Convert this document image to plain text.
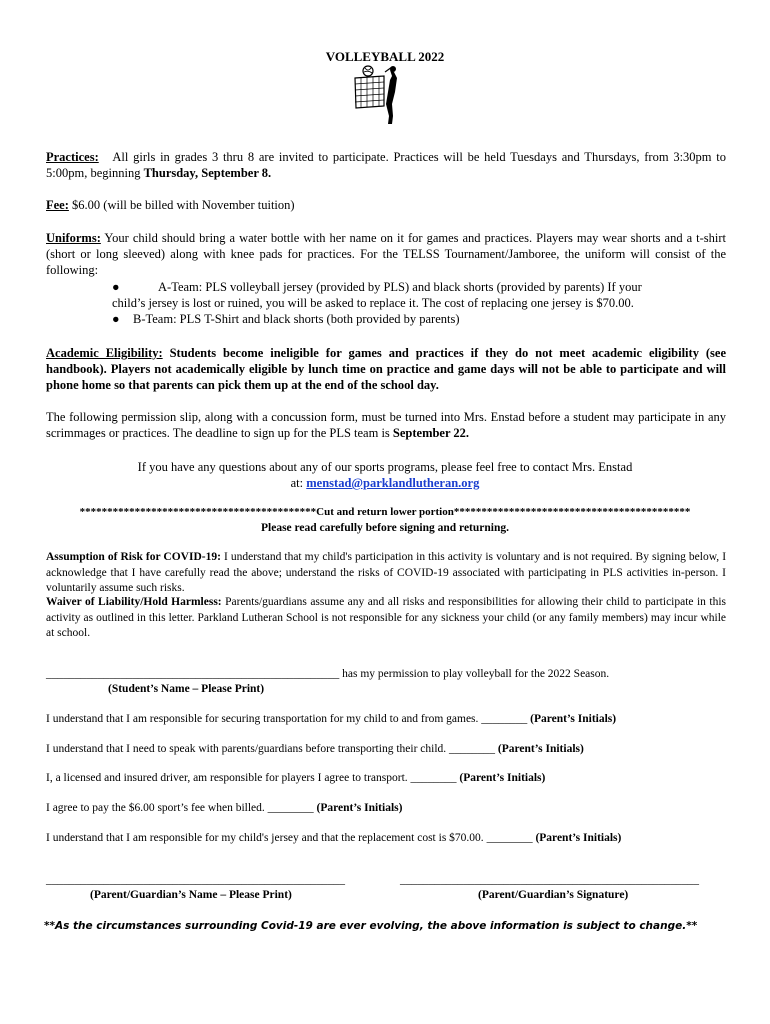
VOLLEYBALL 2022
Practices: All girls in grades 3 thru 8 are invited to participate. Practices will be held Tuesdays and Thursdays, from 3:30pm to 5:00pm, beginning Thursday, September 8.
Fee: $6.00 (will be billed with November tuition)
Uniforms: Your child should bring a water bottle with her name on it for games and practices. Players may wear shorts and a t-shirt (short or long sleeved) along with knee pads for practices. For the TELSS Tournament/Jamboree, the uniform will consist of the following:
●	A-Team: PLS volleyball jersey (provided by PLS) and black shorts (provided by parents) If your
child’s jersey is lost or ruined, you will be asked to replace it. The cost of replacing one jersey is $70.00.
● B-Team: PLS T-Shirt and black shorts (both provided by parents)
Academic Eligibility: Students become ineligible for games and practices if they do not meet academic eligibility (see handbook). Players not academically eligible by lunch time on practice and game days will not be able to participate and will phone home so that parents can pick them up at the end of the school day.
The following permission slip, along with a concussion form, must be turned into Mrs. Enstad before a student may participate in any scrimmages or practices. The deadline to sign up for the PLS team is September 22.
If you have any questions about any of our sports programs, please feel free to contact Mrs. Enstad
at: menstad@parklandlutheran.org
*******************************************Cut and return lower portion*******************************************
Please read carefully before signing and returning.
Assumption of Risk for COVID-19: I understand that my child's participation in this activity is voluntary and is not required. By signing below, I acknowledge that I have carefully read the above; understand the risks of COVID-19 associated with participating in PLS activities in-person. I voluntarily assume such risks.
Waiver of Liability/Hold Harmless: Parents/guardians assume any and all risks and responsibilities for allowing their child to participate in this activity as outlined in this letter. Parkland Lutheran School is not responsible for any sickness your child (or any family members) may incur while at school.
___________________________________________________ has my permission to play volleyball for the 2022 Season.
(Student’s Name – Please Print)
I understand that I am responsible for securing transportation for my child to and from games. ________ (Parent’s Initials)
I understand that I need to speak with parents/guardians before transporting their child. ________ (Parent’s Initials)
I, a licensed and insured driver, am responsible for players I agree to transport. ________ (Parent’s Initials)
I agree to pay the $6.00 sport’s fee when billed. ________ (Parent’s Initials)
I understand that I am responsible for my child's jersey and that the replacement cost is $70.00. ________ (Parent’s Initials)
____________________________________________________	____________________________________________________
(Parent/Guardian’s Name – Please Print)	(Parent/Guardian’s Signature)
**As the circumstances surrounding Covid-19 are ever evolving, the above information is subject to change.**
